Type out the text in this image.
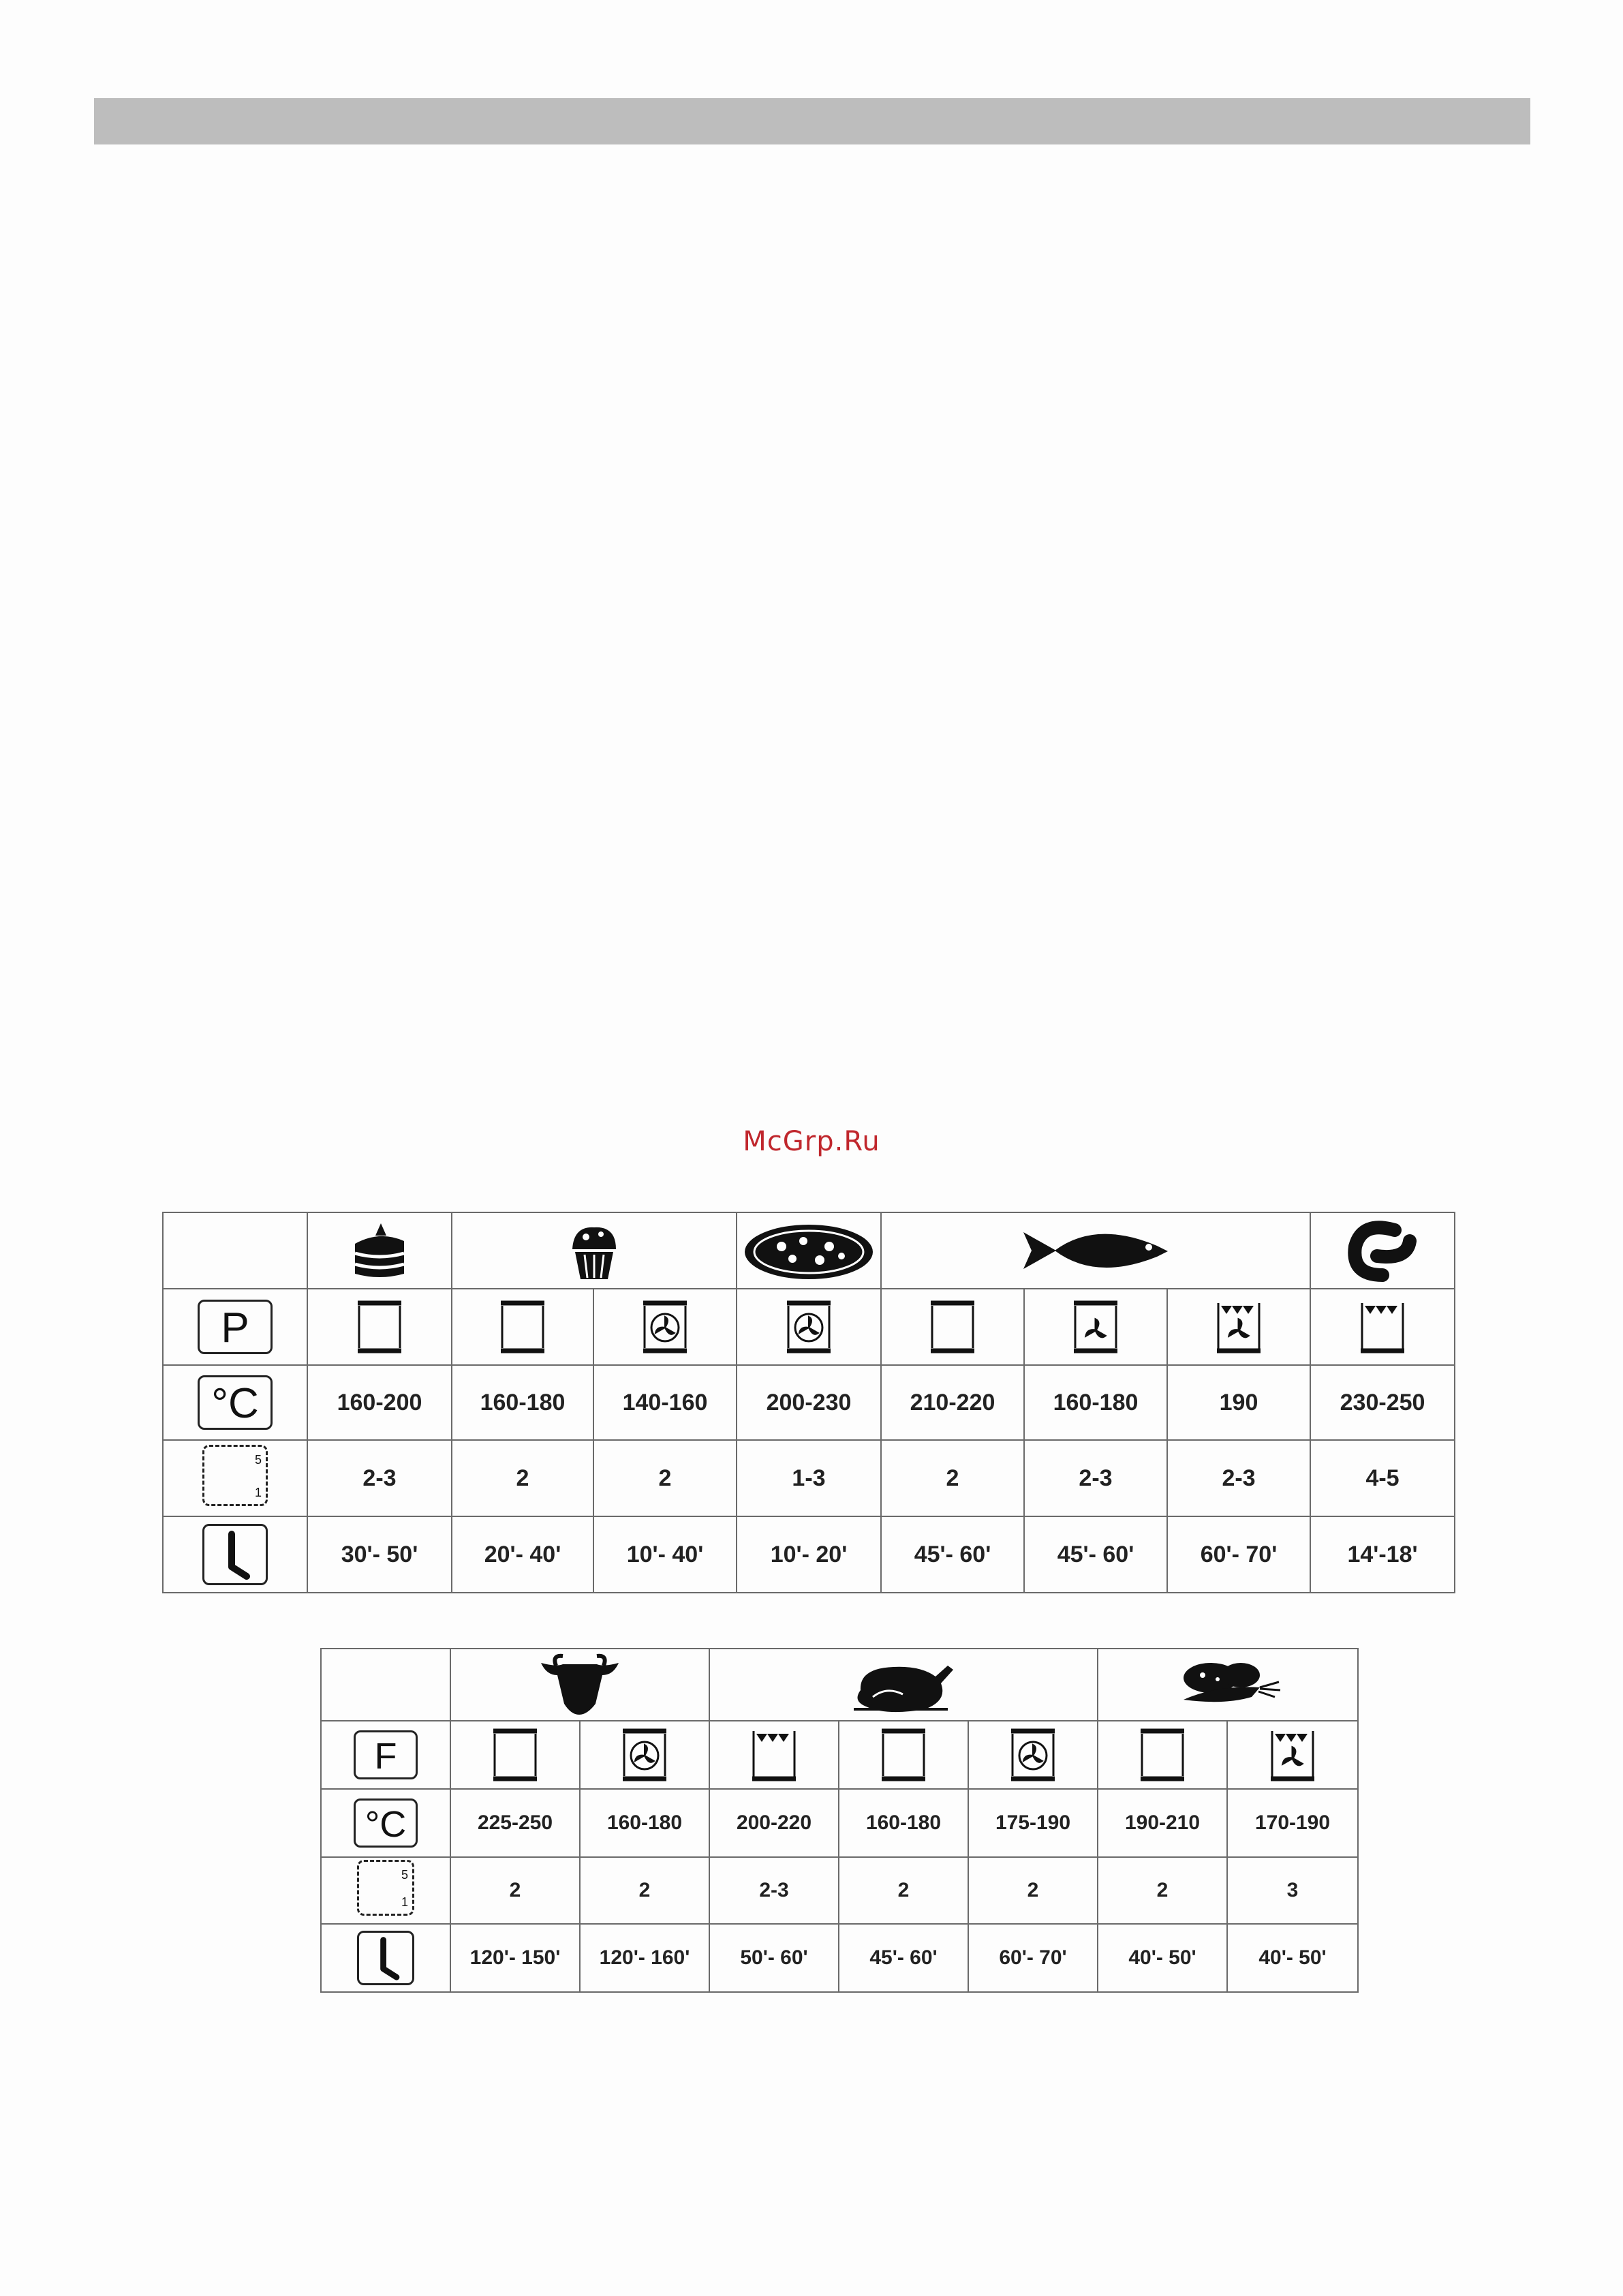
McGrp.Ru

P								
°C	160-200	160-180	140-160	200-230	210-220	160-180	190	230-250

5
1	2-3	2	2	1-3	2	2-3	2-3	4-5
	30'- 50'	20'- 40'	10'- 40'	10'- 20'	45'- 60'	45'- 60'	60'- 70'	14'-18'

F							
°C	225-250	160-180	200-220	160-180	175-190	190-210	170-190

5
1	2	2	2-3	2	2	2	3
	120'- 150'	120'- 160'	50'- 60'	45'- 60'	60'- 70'	40'- 50'	40'- 50'
